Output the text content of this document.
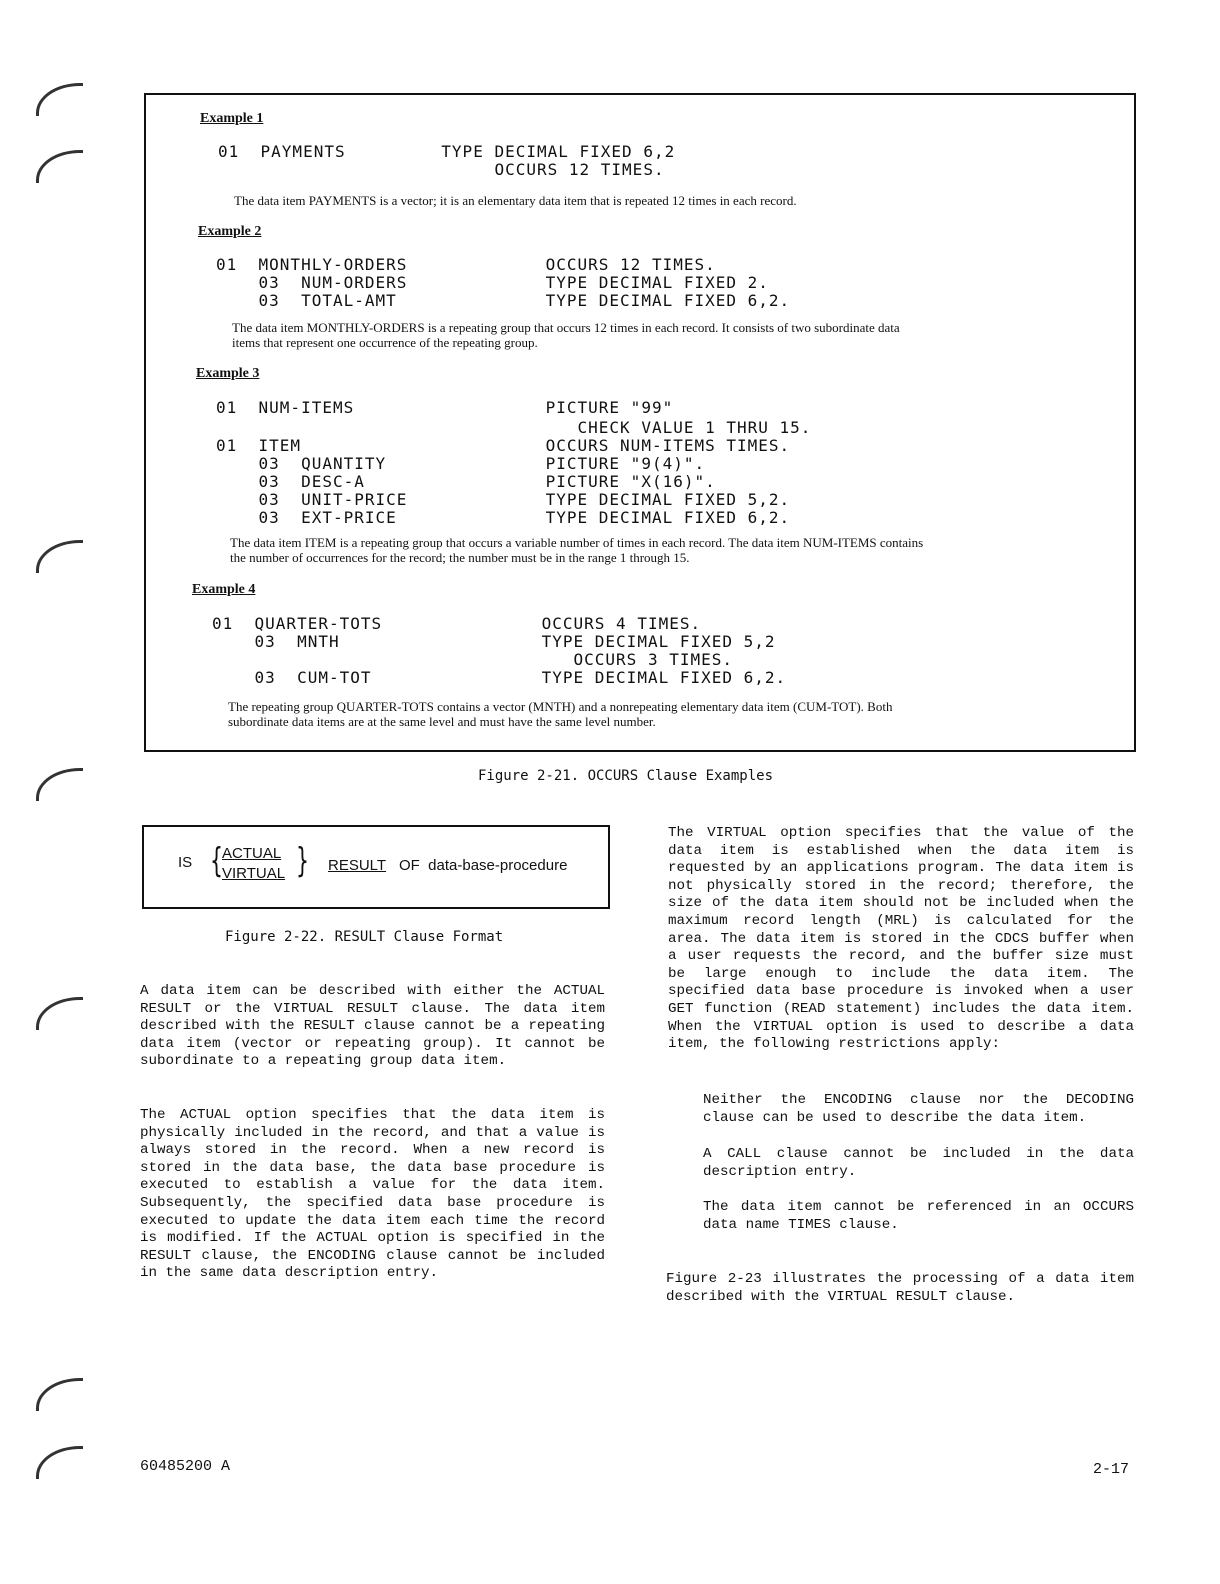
Example 1
01  PAYMENTS         TYPE DECIMAL FIXED 6,2
OCCURS 12 TIMES.
The data item PAYMENTS is a vector; it is an elementary data item that is repeated 12 times in each record.
Example 2
01  MONTHLY-ORDERS             OCCURS 12 TIMES.
03  NUM-ORDERS             TYPE DECIMAL FIXED 2.
03  TOTAL-AMT              TYPE DECIMAL FIXED 6,2.
The data item MONTHLY-ORDERS is a repeating group that occurs 12 times in each record. It consists of two subordinate data
items that represent one occurrence of the repeating group.
Example 3
01  NUM-ITEMS                  PICTURE "99"
CHECK VALUE 1 THRU 15.
01  ITEM                       OCCURS NUM-ITEMS TIMES.
03  QUANTITY               PICTURE "9(4)".
03  DESC-A                 PICTURE "X(16)".
03  UNIT-PRICE             TYPE DECIMAL FIXED 5,2.
03  EXT-PRICE              TYPE DECIMAL FIXED 6,2.
The data item ITEM is a repeating group that occurs a variable number of times in each record. The data item NUM-ITEMS contains
the number of occurrences for the record; the number must be in the range 1 through 15.
Example 4
01  QUARTER-TOTS               OCCURS 4 TIMES.
03  MNTH                   TYPE DECIMAL FIXED 5,2
OCCURS 3 TIMES.
03  CUM-TOT                TYPE DECIMAL FIXED 6,2.
The repeating group QUARTER-TOTS contains a vector (MNTH) and a nonrepeating elementary data item (CUM-TOT). Both
subordinate data items are at the same level and must have the same level number.
Figure 2-21. OCCURS Clause Examples
IS { ACTUAL
VIRTUAL } RESULT OF  data-base-procedure
Figure 2-22. RESULT Clause Format
A data item can be described with either the ACTUAL RESULT or the VIRTUAL RESULT clause. The data item described with the RESULT clause cannot be a repeating data item (vector or repeating group). It cannot be subordinate to a repeating group data item.
The ACTUAL option specifies that the data item is physically included in the record, and that a value is always stored in the record. When a new record is stored in the data base, the data base procedure is executed to establish a value for the data item. Subsequently, the specified data base procedure is executed to update the data item each time the record is modified. If the ACTUAL option is specified in the RESULT clause, the ENCODING clause cannot be included in the same data description entry.
The VIRTUAL option specifies that the value of the data item is established when the data item is requested by an applications program. The data item is not physically stored in the record; therefore, the size of the data item should not be included when the maximum record length (MRL) is calculated for the area. The data item is stored in the CDCS buffer when a user requests the record, and the buffer size must be large enough to include the data item. The specified data base procedure is invoked when a user GET function (READ statement) includes the data item. When the VIRTUAL option is used to describe a data item, the following restrictions apply:
Neither the ENCODING clause nor the DECODING clause can be used to describe the data item.
A CALL clause cannot be included in the data description entry.
The data item cannot be referenced in an OCCURS data name TIMES clause.
Figure 2-23 illustrates the processing of a data item described with the VIRTUAL RESULT clause.
60485200 A	2-17
